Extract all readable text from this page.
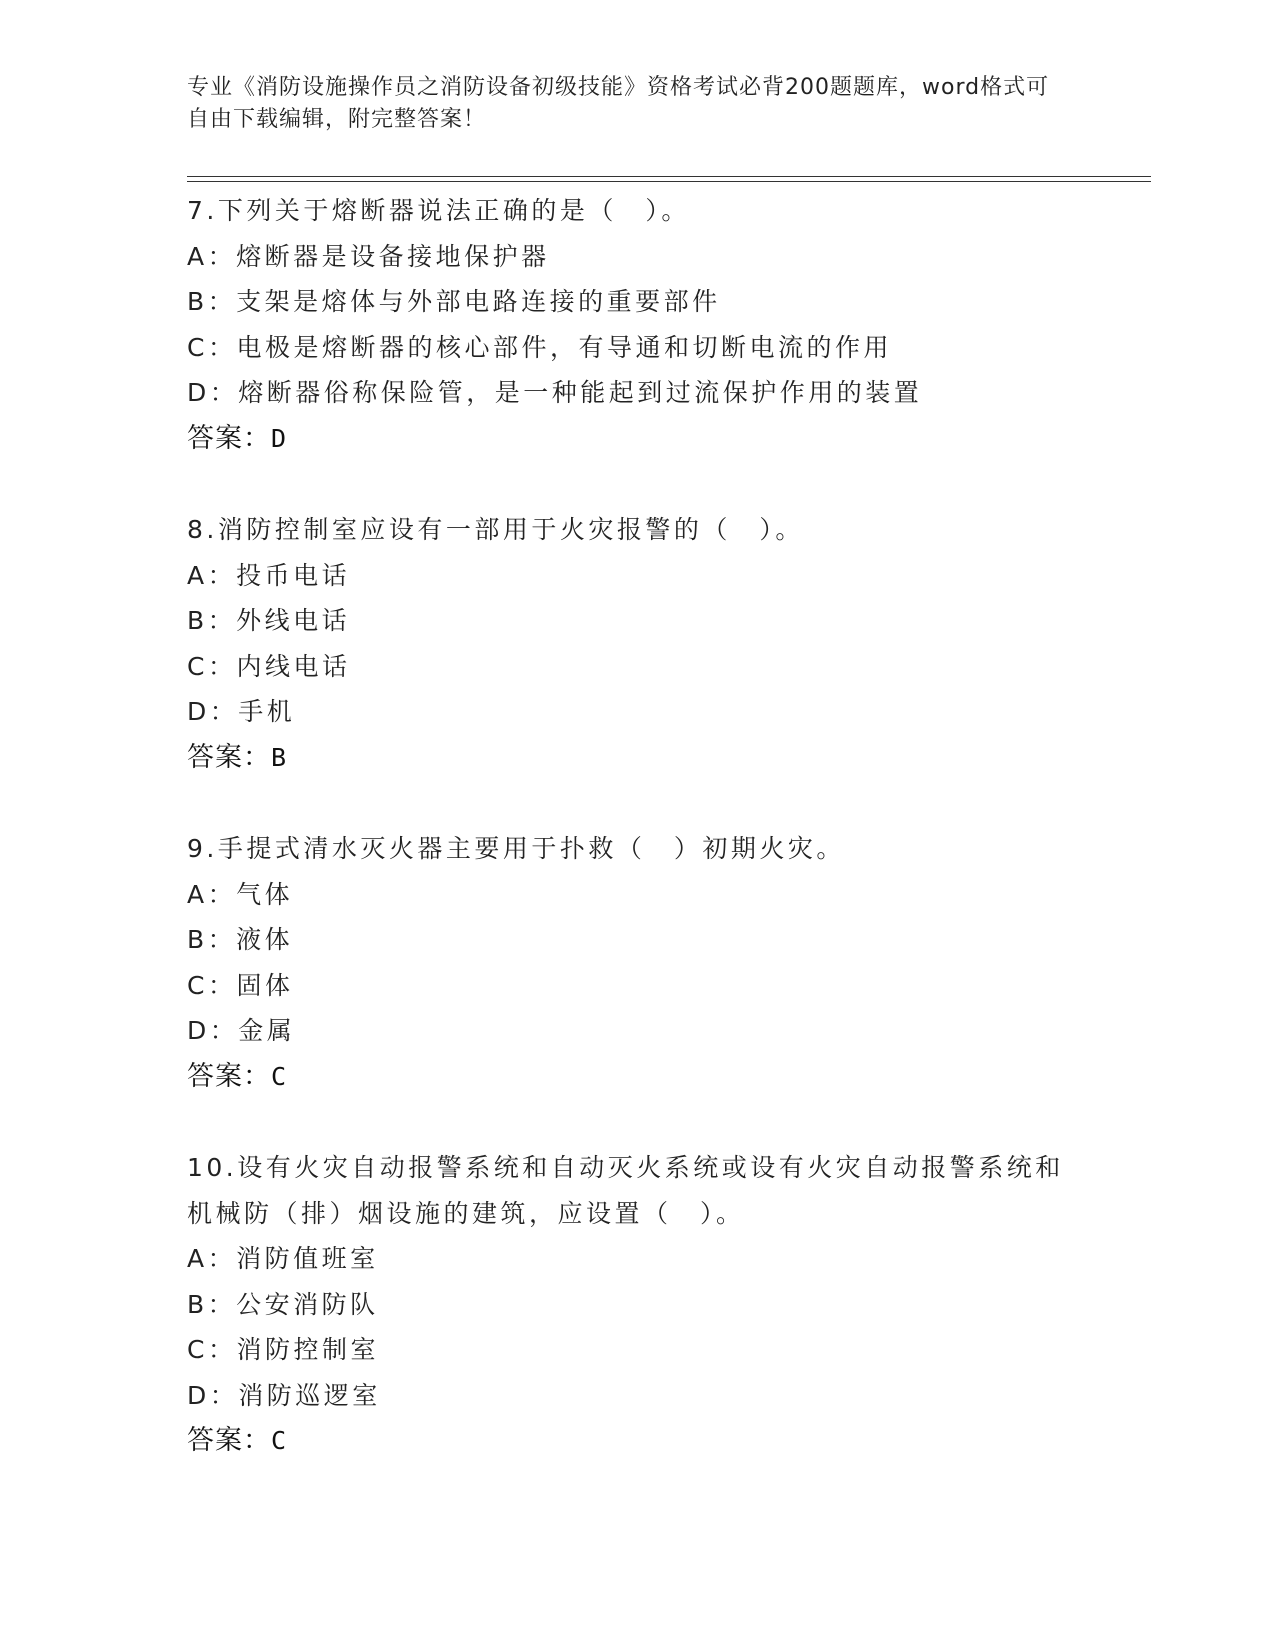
专业《消防设施操作员之消防设备初级技能》资格考试必背200题题库，word格式可自由下载编辑，附完整答案！
7.下列关于熔断器说法正确的是（　）。
A：熔断器是设备接地保护器
B：支架是熔体与外部电路连接的重要部件
C：电极是熔断器的核心部件，有导通和切断电流的作用
D：熔断器俗称保险管，是一种能起到过流保护作用的装置
答案：D
8.消防控制室应设有一部用于火灾报警的（　）。
A：投币电话
B：外线电话
C：内线电话
D：手机
答案：B
9.手提式清水灭火器主要用于扑救（　）初期火灾。
A：气体
B：液体
C：固体
D：金属
答案：C
10.设有火灾自动报警系统和自动灭火系统或设有火灾自动报警系统和机械防（排）烟设施的建筑，应设置（　）。
A：消防值班室
B：公安消防队
C：消防控制室
D：消防巡逻室
答案：C
